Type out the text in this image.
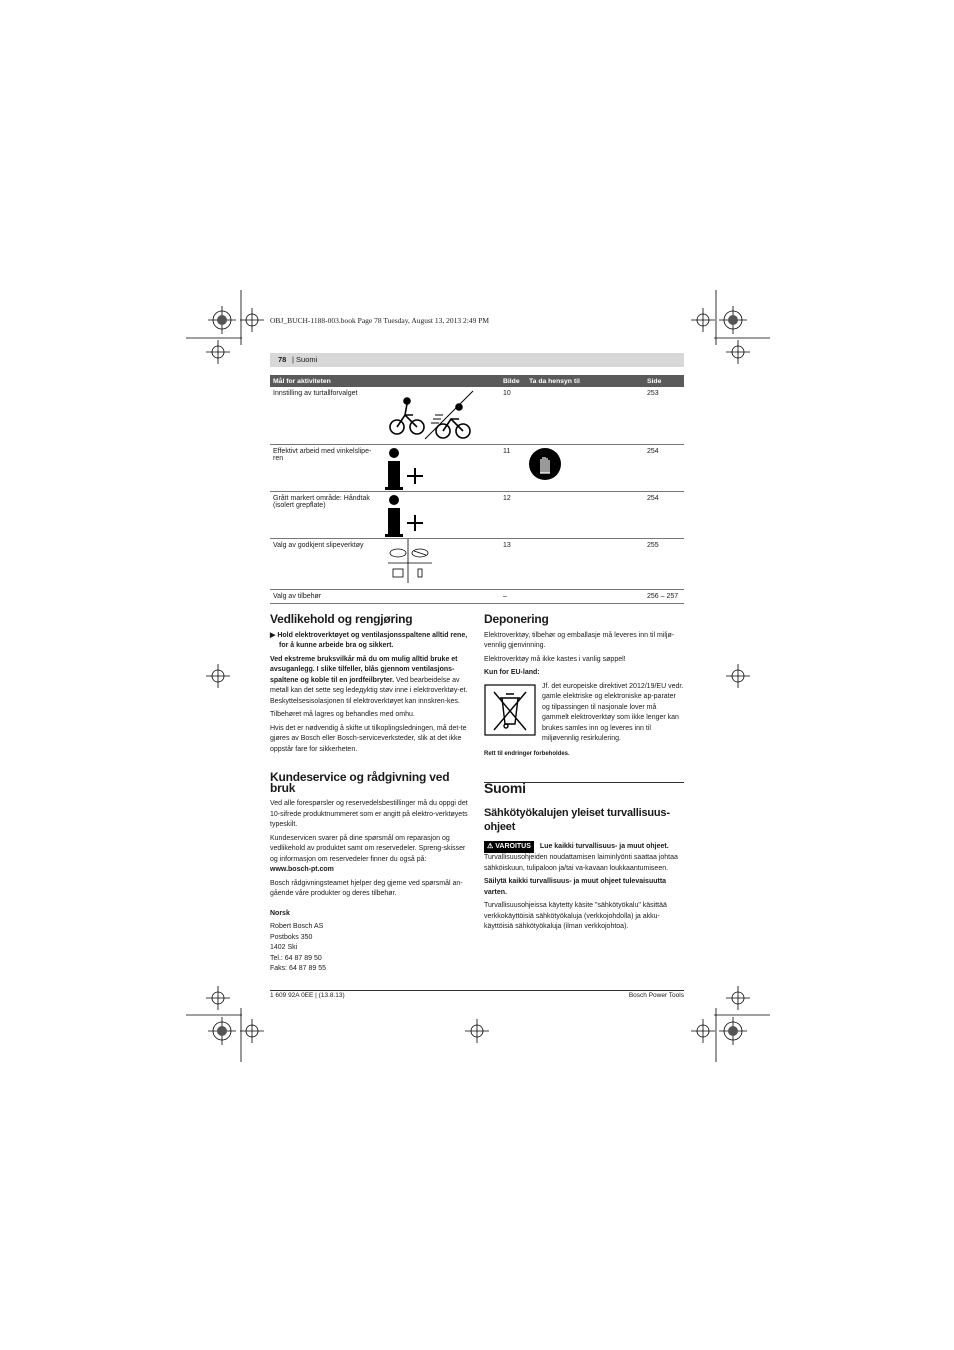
OBJ_BUCH-1188-003.book Page 78 Tuesday, August 13, 2013 2:49 PM
78 | Suomi
Mål for aktiviteten	Bilde	Ta da hensyn til	Side
Innstilling av turtallforvalget	10		253

Effektivt arbeid med vinkelslipe-ren	11		254

Grått markert område: Håndtak (isolert grepflate)	12		254
Valg av godkjent slipeverktøy	13		255
Valg av tilbehør	–		256 – 257
Vedlikehold og rengjøring

▶ Hold elektroverktøyet og ventilasjonsspaltene alltid rene, for å kunne arbeide bra og sikkert.

Ved ekstreme bruksvilkår må du om mulig alltid bruke et avsuganlegg. I slike tilfeller, blås gjennom ventilasjons-spaltene og koble til en jordfeilbryter. Ved bearbeidelse av metall kan det sette seg ledeдyktig støv inne i elektroverktøy-et. Beskyttelsesisolasjonen til elektroverktøyet kan innskren-kes.

Tilbehøret må lagres og behandles med omhu.

Hvis det er nødvendig å skifte ut tilkoplingsledningen, må det-te gjøres av Bosch eller Bosch-serviceverksteder, slik at det ikke oppstår fare for sikkerheten.

Kundeservice og rådgivning ved bruk

Ved alle forespørsler og reservedelsbestillinger må du oppgi det 10-sifrede produktnummeret som er angitt på elektro-verktøyets typeskilt.

Kundeservicen svarer på dine spørsmål om reparasjon og vedlikehold av produktet samt om reservedeler. Spreng-skisser og informasjon om reservedeler finner du også på:

www.bosch-pt.com

Bosch rådgivningsteamet hjelper deg gjerne ved spørsmål an-gående våre produkter og deres tilbehør.

Norsk

Robert Bosch AS
Postboks 350
1402 Ski
Tel.: 64 87 89 50
Faks: 64 87 89 55
Deponering

Elektroverktøy, tilbehør og emballasje må leveres inn til miljø-vennlig gjenvinning.

Elektroverktøy må ikke kastes i vanlig søppel!

Kun for EU-land:

Jf. det europeiske direktivet 2012/19/EU vedr. gamle elektriske og elektroniske ap-parater og tilpassingen til nasjonale lover må gammelt elektroverktøy som ikke lenger kan brukes samles inn og leveres inn til miljøvennlig resirkulering.

Rett til endringer forbeholdes.

Suomi
Sähkötyökalujen yleiset turvallisuus-ohjeet

⚠ VAROITUS Lue kaikki turvallisuus- ja muut ohjeet. Turvallisuusohjeiden noudattamisen laiminlyönti saattaa johtaa sähköiskuun, tulipaloon ja/tai va-kavaan loukkaantumiseen.

Säilytä kaikki turvallisuus- ja muut ohjeet tulevaisuutta varten.

Turvallisuusohjeissa käytetty käsite "sähkötyökalu" käsittää verkkokäyttöisiä sähkötyökaluja (verkkojohdolla) ja akku-käyttöisiä sähkötyökaluja (ilman verkkojohtoa).

1 609 92A 0EE | (13.8.13)	Bosch Power Tools
